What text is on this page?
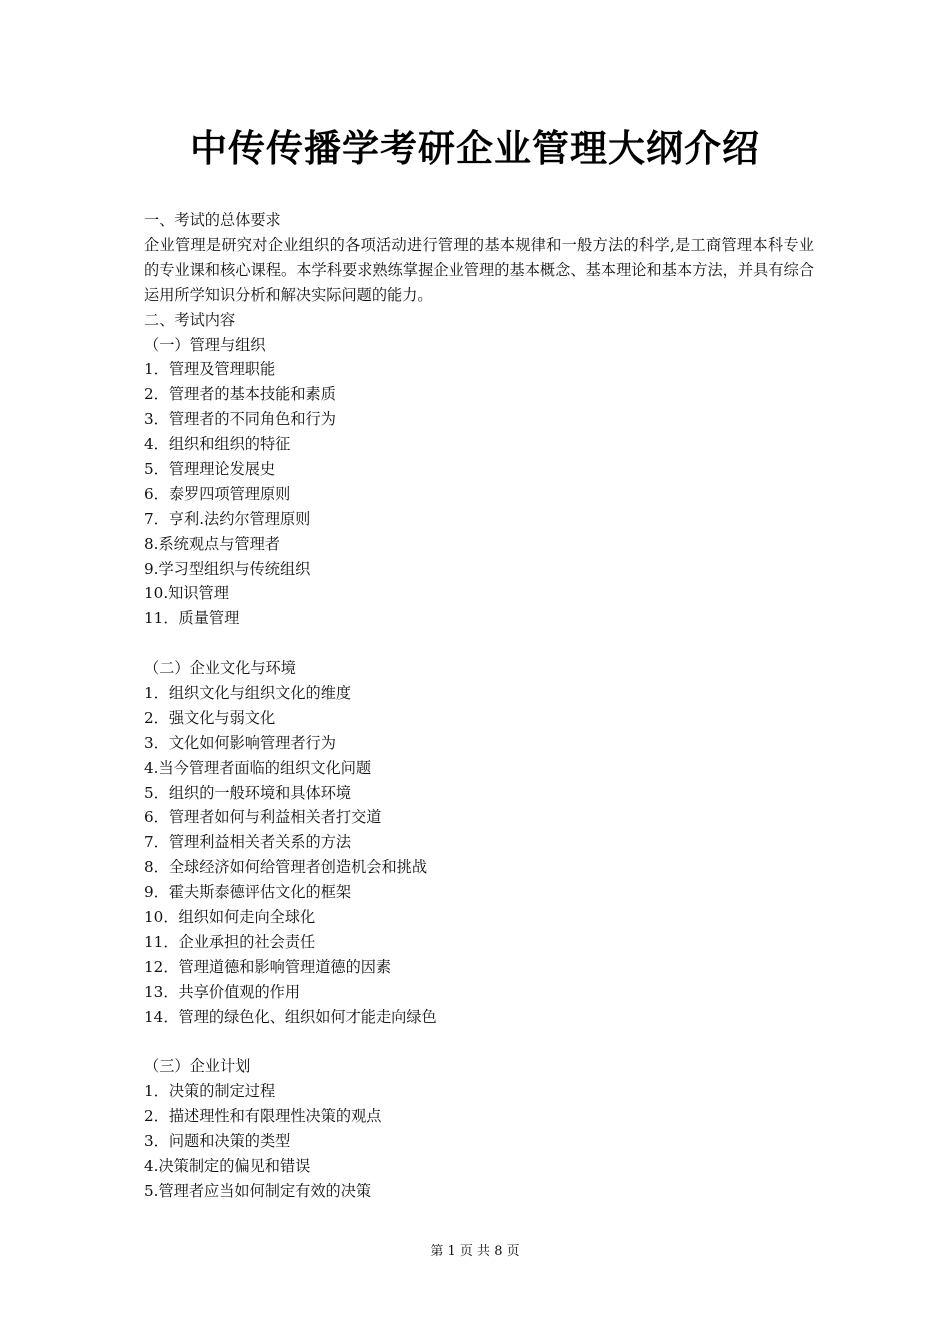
中传传播学考研企业管理大纲介绍
一、考试的总体要求
企业管理是研究对企业组织的各项活动进行管理的基本规律和一般方法的科学,是工商管理本科专业的专业课和核心课程。本学科要求熟练掌握企业管理的基本概念、基本理论和基本方法，并具有综合运用所学知识分析和解决实际问题的能力。
二、考试内容
（一）管理与组织
1．管理及管理职能
2．管理者的基本技能和素质
3．管理者的不同角色和行为
4．组织和组织的特征
5．管理理论发展史
6．泰罗四项管理原则
7．亨利.法约尔管理原则
8.系统观点与管理者
9.学习型组织与传统组织
10.知识管理
11．质量管理
（二）企业文化与环境
1．组织文化与组织文化的维度
2．强文化与弱文化
3．文化如何影响管理者行为
4.当今管理者面临的组织文化问题
5．组织的一般环境和具体环境
6．管理者如何与利益相关者打交道
7．管理利益相关者关系的方法
8．全球经济如何给管理者创造机会和挑战
9．霍夫斯泰德评估文化的框架
10．组织如何走向全球化
11．企业承担的社会责任
12．管理道德和影响管理道德的因素
13．共享价值观的作用
14．管理的绿色化、组织如何才能走向绿色
（三）企业计划
1．决策的制定过程
2．描述理性和有限理性决策的观点
3．问题和决策的类型
4.决策制定的偏见和错误
5.管理者应当如何制定有效的决策
第 1 页 共 8 页
